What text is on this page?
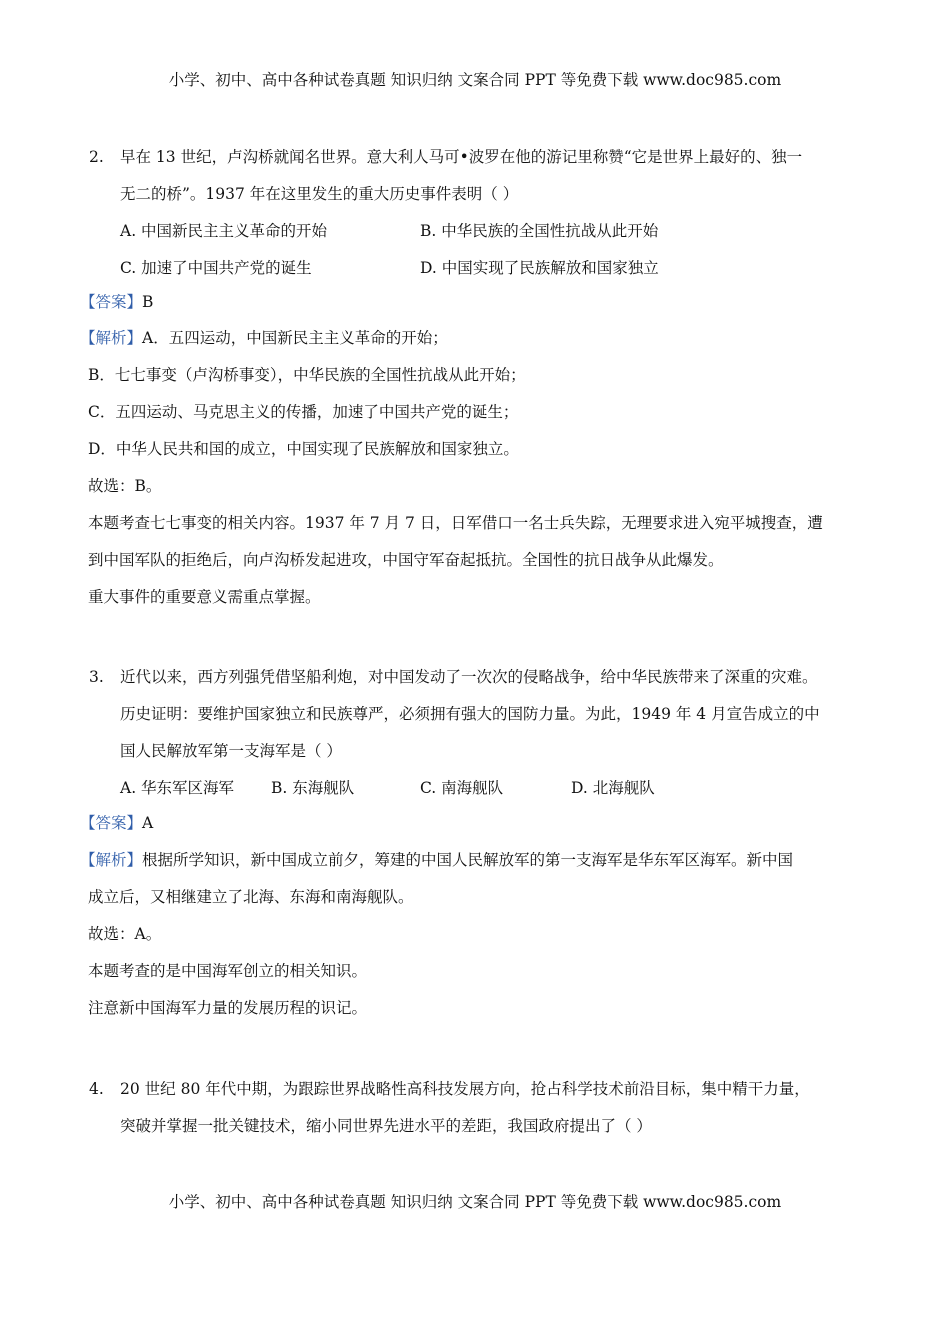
小学、初中、高中各种试卷真题 知识归纳 文案合同 PPT 等免费下载 www.doc985.com
2. 早在 13 世纪，卢沟桥就闻名世界。意大利人马可•波罗在他的游记里称赞“它是世界上最好的、独一
无二的桥”。1937 年在这里发生的重大历史事件表明（ ）
A. 中国新民主主义革命的开始	B. 中华民族的全国性抗战从此开始
C. 加速了中国共产党的诞生	D. 中国实现了民族解放和国家独立
【答案】B
【解析】A．五四运动，中国新民主主义革命的开始；
B．七七事变（卢沟桥事变），中华民族的全国性抗战从此开始；
C．五四运动、马克思主义的传播，加速了中国共产党的诞生；
D．中华人民共和国的成立，中国实现了民族解放和国家独立。
故选：B。
本题考查七七事变的相关内容。1937 年 7 月 7 日，日军借口一名士兵失踪，无理要求进入宛平城搜查，遭
到中国军队的拒绝后，向卢沟桥发起进攻，中国守军奋起抵抗。全国性的抗日战争从此爆发。
重大事件的重要意义需重点掌握。
3. 近代以来，西方列强凭借坚船利炮，对中国发动了一次次的侵略战争，给中华民族带来了深重的灾难。
历史证明：要维护国家独立和民族尊严，必须拥有强大的国防力量。为此，1949 年 4 月宣告成立的中
国人民解放军第一支海军是（ ）
A. 华东军区海军 B. 东海舰队	C. 南海舰队	D. 北海舰队
【答案】A
【解析】根据所学知识，新中国成立前夕，筹建的中国人民解放军的第一支海军是华东军区海军。新中国
成立后，又相继建立了北海、东海和南海舰队。
故选：A。
本题考查的是中国海军创立的相关知识。
注意新中国海军力量的发展历程的识记。
4. 20 世纪 80 年代中期，为跟踪世界战略性高科技发展方向，抢占科学技术前沿目标，集中精干力量，
突破并掌握一批关键技术，缩小同世界先进水平的差距，我国政府提出了（ ）
小学、初中、高中各种试卷真题 知识归纳 文案合同 PPT 等免费下载 www.doc985.com
